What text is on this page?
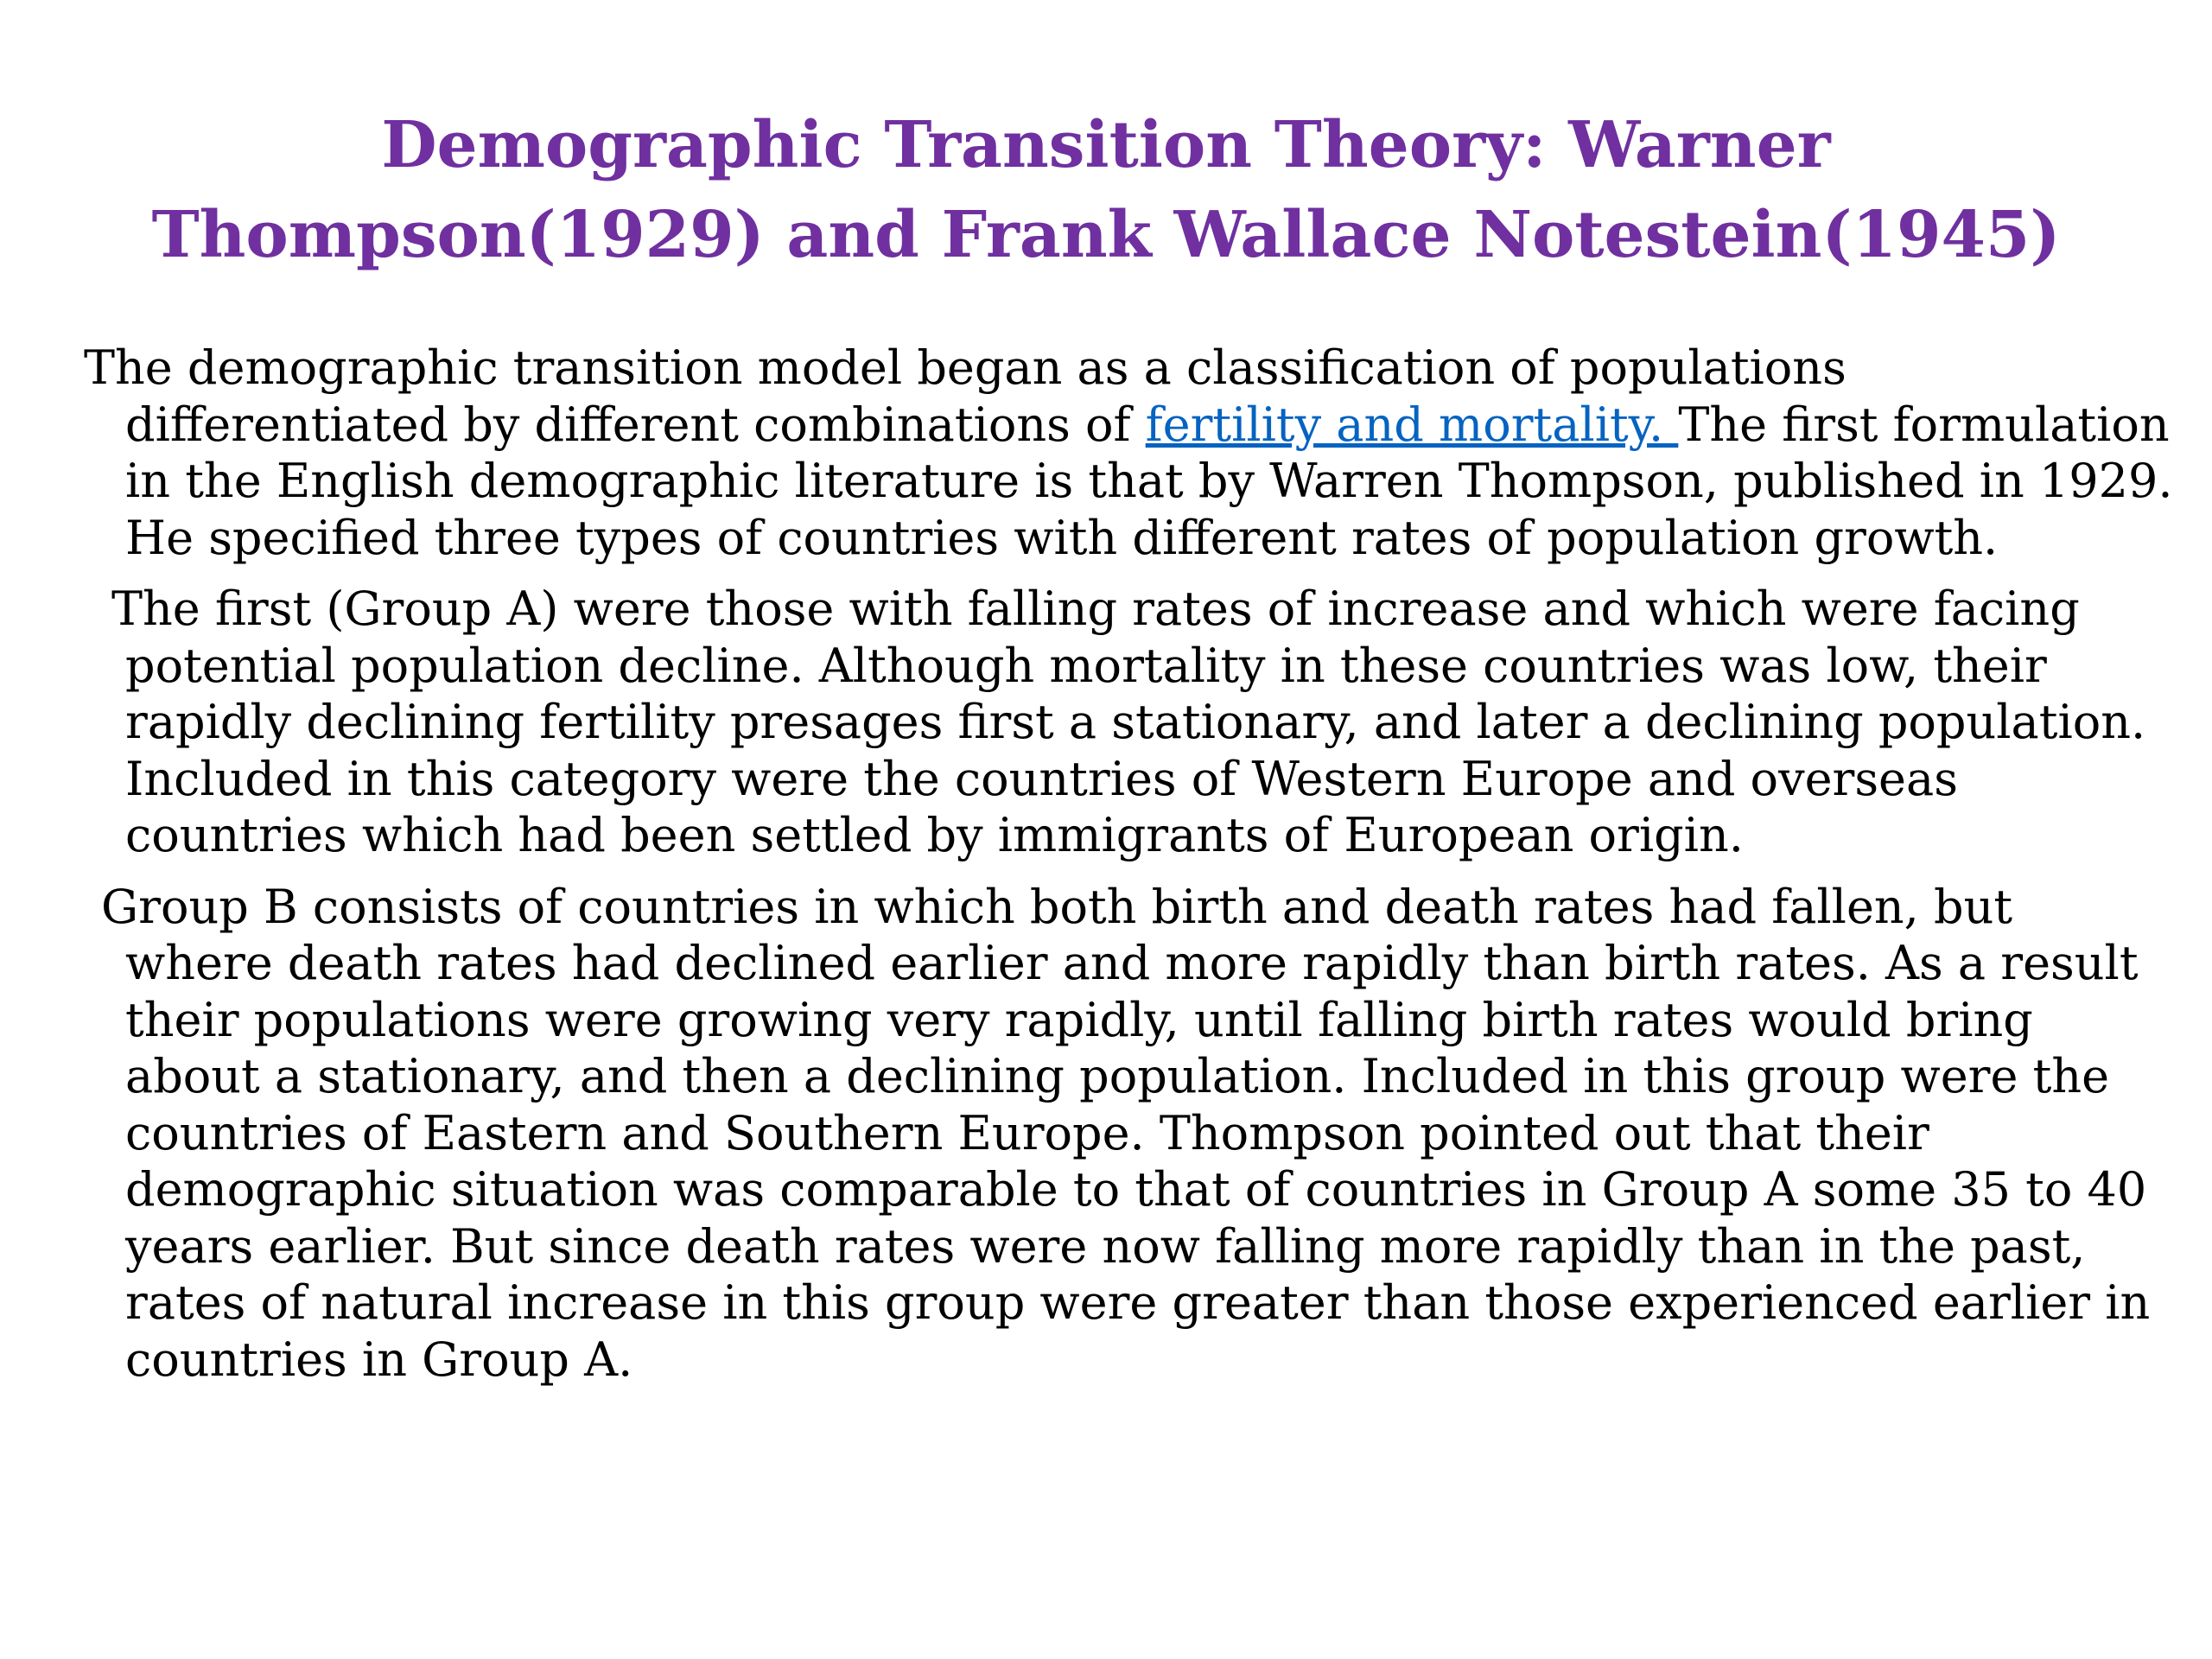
Demographic Transition Theory: Warner Thompson(1929) and Frank Wallace Notestein(1945)

The demographic transition model began as a classification of populations differentiated by different combinations of fertility and mortality. The first formulation in the English demographic literature is that by Warren Thompson, published in 1929. He specified three types of countries with different rates of population growth.

The first (Group A) were those with falling rates of increase and which were facing potential population decline. Although mortality in these countries was low, their rapidly declining fertility presages first a stationary, and later a declining population. Included in this category were the countries of Western Europe and overseas countries which had been settled by immigrants of European origin.

Group B consists of countries in which both birth and death rates had fallen, but where death rates had declined earlier and more rapidly than birth rates. As a result their populations were growing very rapidly, until falling birth rates would bring about a stationary, and then a declining population. Included in this group were the countries of Eastern and Southern Europe. Thompson pointed out that their demographic situation was comparable to that of countries in Group A some 35 to 40 years earlier. But since death rates were now falling more rapidly than in the past, rates of natural increase in this group were greater than those experienced earlier in countries in Group A.
